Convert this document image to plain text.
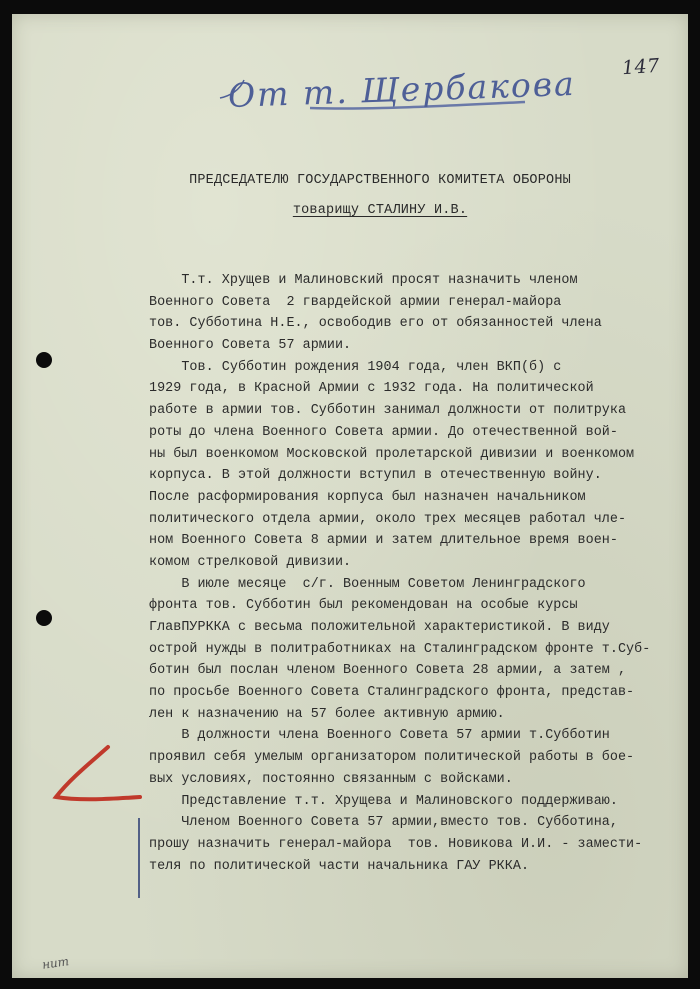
147
От т. Щербакова
ПРЕДСЕДАТЕЛЮ ГОСУДАРСТВЕННОГО КОМИТЕТА ОБОРОНЫ
товарищу СТАЛИНУ И.В.
Т.т. Хрущев и Малиновский просят назначить членом
Военного Совета  2 гвардейской армии генерал-майора
тов. Субботина Н.Е., освободив его от обязанностей члена
Военного Совета 57 армии.
Тов. Субботин рождения 1904 года, член ВКП(б) с
1929 года, в Красной Армии с 1932 года. На политической
работе в армии тов. Субботин занимал должности от политрука
роты до члена Военного Совета армии. До отечественной вой-
ны был военкомом Московской пролетарской дивизии и военкомом
корпуса. В этой должности вступил в отечественную войну.
После расформирования корпуса был назначен начальником
политического отдела армии, около трех месяцев работал чле-
ном Военного Совета 8 армии и затем длительное время воен-
комом стрелковой дивизии.
В июле месяце  с/г. Военным Советом Ленинградского
фронта тов. Субботин был рекомендован на особые курсы
ГлавПУРККА с весьма положительной характеристикой. В виду
острой нужды в политработниках на Сталинградском фронте т.Суб-
ботин был послан членом Военного Совета 28 армии, а затем ,
по просьбе Военного Совета Сталинградского фронта, представ-
лен к назначению на 57 более активную армию.
В должности члена Военного Совета 57 армии т.Субботин
проявил себя умелым организатором политической работы в бое-
вых условиях, постоянно связанным с войсками.
Представление т.т. Хрущева и Малиновского поддерживаю.
Членом Военного Совета 57 армии,вместо тов. Субботина,
прошу назначить генерал-майора  тов. Новикова И.И. - замести-
теля по политической части начальника ГАУ РККА.
нит
